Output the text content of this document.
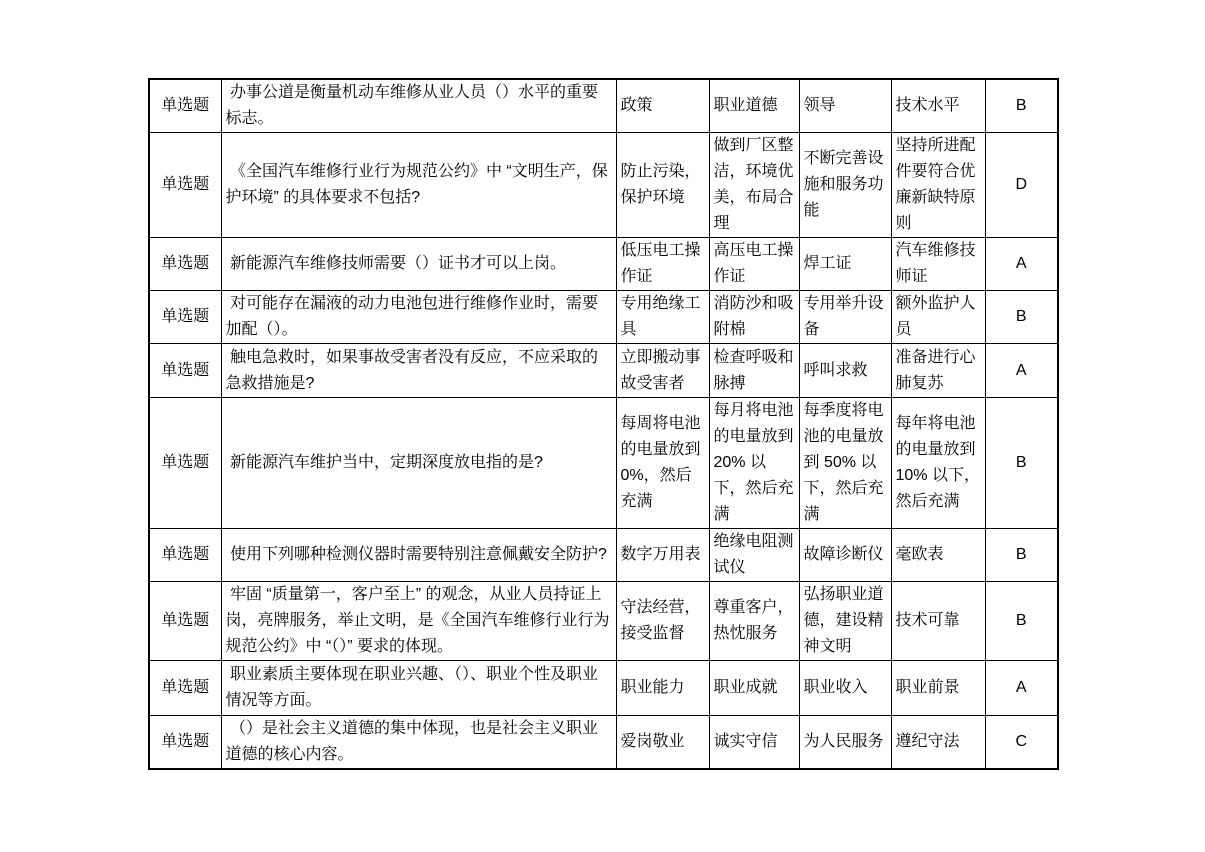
单选题	办事公道是衡量机动车维修从业人员（）水平的重要标志。	政策	职业道德	领导	技术水平	B
单选题	《全国汽车维修行业行为规范公约》中 “文明生产，保护环境” 的具体要求不包括?	防止污染，保护环境	做到厂区整洁，环境优美，布局合理	不断完善设施和服务功能	坚持所进配件要符合优廉新缺特原则	D
单选题	新能源汽车维修技师需要（）证书才可以上岗。	低压电工操作证	高压电工操作证	焊工证	汽车维修技师证	A
单选题	对可能存在漏液的动力电池包进行维修作业时，需要加配（）。	专用绝缘工具	消防沙和吸附棉	专用举升设备	额外监护人员	B
单选题	触电急救时，如果事故受害者没有反应，不应采取的急救措施是?	立即搬动事故受害者	检查呼吸和脉搏	呼叫求救	准备进行心肺复苏	A
单选题	新能源汽车维护当中，定期深度放电指的是?	每周将电池的电量放到 0%，然后充满	每月将电池的电量放到 20% 以下，然后充满	每季度将电池的电量放到 50% 以下，然后充满	每年将电池的电量放到 10% 以下，然后充满	B
单选题	使用下列哪种检测仪器时需要特别注意佩戴安全防护?	数字万用表	绝缘电阻测试仪	故障诊断仪	毫欧表	B
单选题	牢固 “质量第一，客户至上” 的观念，从业人员持证上岗，亮牌服务，举止文明，是《全国汽车维修行业行为规范公约》中 “（）” 要求的体现。	守法经营，接受监督	尊重客户，热忱服务	弘扬职业道德，建设精神文明	技术可靠	B
单选题	职业素质主要体现在职业兴趣、（）、职业个性及职业情况等方面。	职业能力	职业成就	职业收入	职业前景	A
单选题	（）是社会主义道德的集中体现，也是社会主义职业道德的核心内容。	爱岗敬业	诚实守信	为人民服务	遵纪守法	C
